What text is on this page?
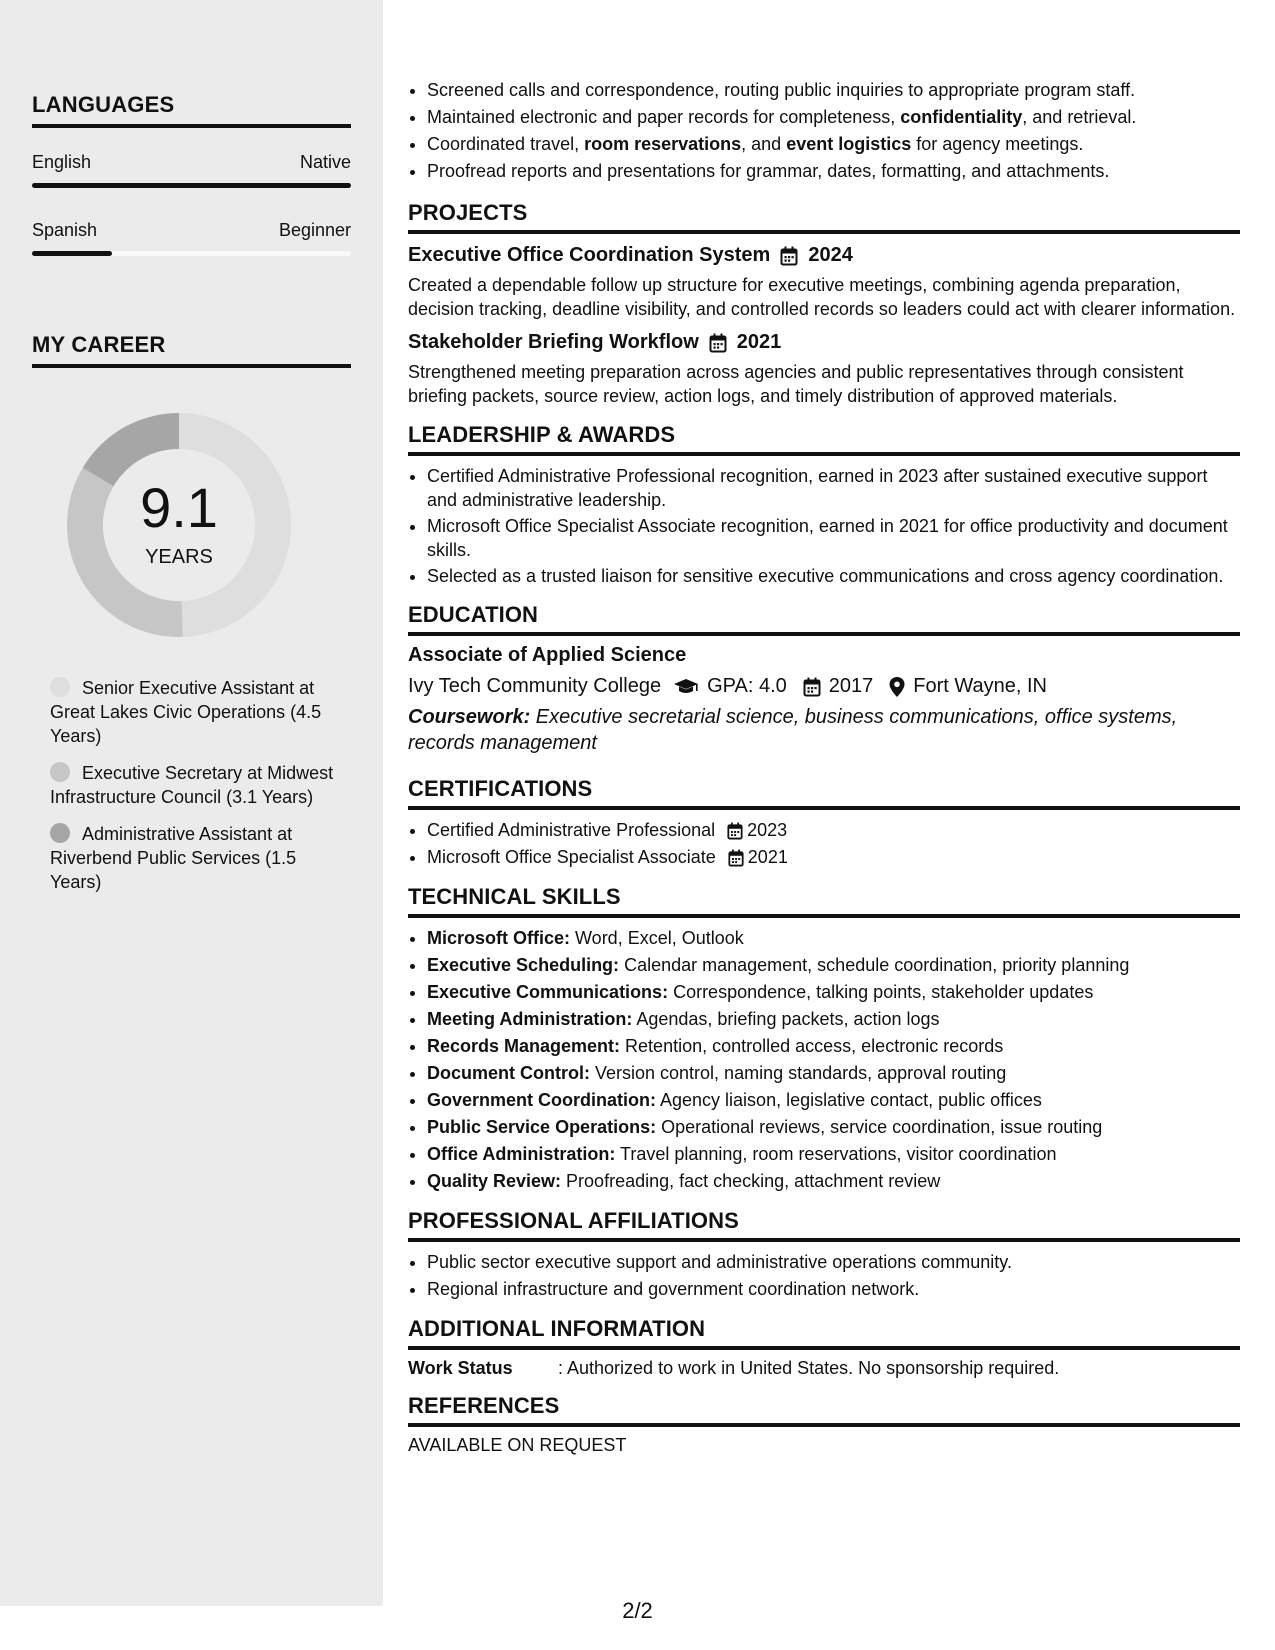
LANGUAGES
English	Native
Spanish	Beginner
MY CAREER
9.1
YEARS
Senior Executive Assistant at Great Lakes Civic Operations (4.5 Years)
Executive Secretary at Midwest Infrastructure Council (3.1 Years)
Administrative Assistant at Riverbend Public Services (1.5 Years)
• Screened calls and correspondence, routing public inquiries to appropriate program staff.
• Maintained electronic and paper records for completeness, confidentiality, and retrieval.
• Coordinated travel, room reservations, and event logistics for agency meetings.
• Proofread reports and presentations for grammar, dates, formatting, and attachments.
PROJECTS
Executive Office Coordination System 2024
Created a dependable follow up structure for executive meetings, combining agenda preparation, decision tracking, deadline visibility, and controlled records so leaders could act with clearer information.
Stakeholder Briefing Workflow 2021
Strengthened meeting preparation across agencies and public representatives through consistent briefing packets, source review, action logs, and timely distribution of approved materials.
LEADERSHIP & AWARDS
• Certified Administrative Professional recognition, earned in 2023 after sustained executive support and administrative leadership.
• Microsoft Office Specialist Associate recognition, earned in 2021 for office productivity and document skills.
• Selected as a trusted liaison for sensitive executive communications and cross agency coordination.
EDUCATION
Associate of Applied Science
Ivy Tech Community College GPA: 4.0 2017 Fort Wayne, IN
Coursework: Executive secretarial science, business communications, office systems, records management
CERTIFICATIONS
• Certified Administrative Professional 2023
• Microsoft Office Specialist Associate 2021
TECHNICAL SKILLS
• Microsoft Office: Word, Excel, Outlook
• Executive Scheduling: Calendar management, schedule coordination, priority planning
• Executive Communications: Correspondence, talking points, stakeholder updates
• Meeting Administration: Agendas, briefing packets, action logs
• Records Management: Retention, controlled access, electronic records
• Document Control: Version control, naming standards, approval routing
• Government Coordination: Agency liaison, legislative contact, public offices
• Public Service Operations: Operational reviews, service coordination, issue routing
• Office Administration: Travel planning, room reservations, visitor coordination
• Quality Review: Proofreading, fact checking, attachment review
PROFESSIONAL AFFILIATIONS
• Public sector executive support and administrative operations community.
• Regional infrastructure and government coordination network.
ADDITIONAL INFORMATION
Work Status	: Authorized to work in United States. No sponsorship required.
REFERENCES
AVAILABLE ON REQUEST
2/2
